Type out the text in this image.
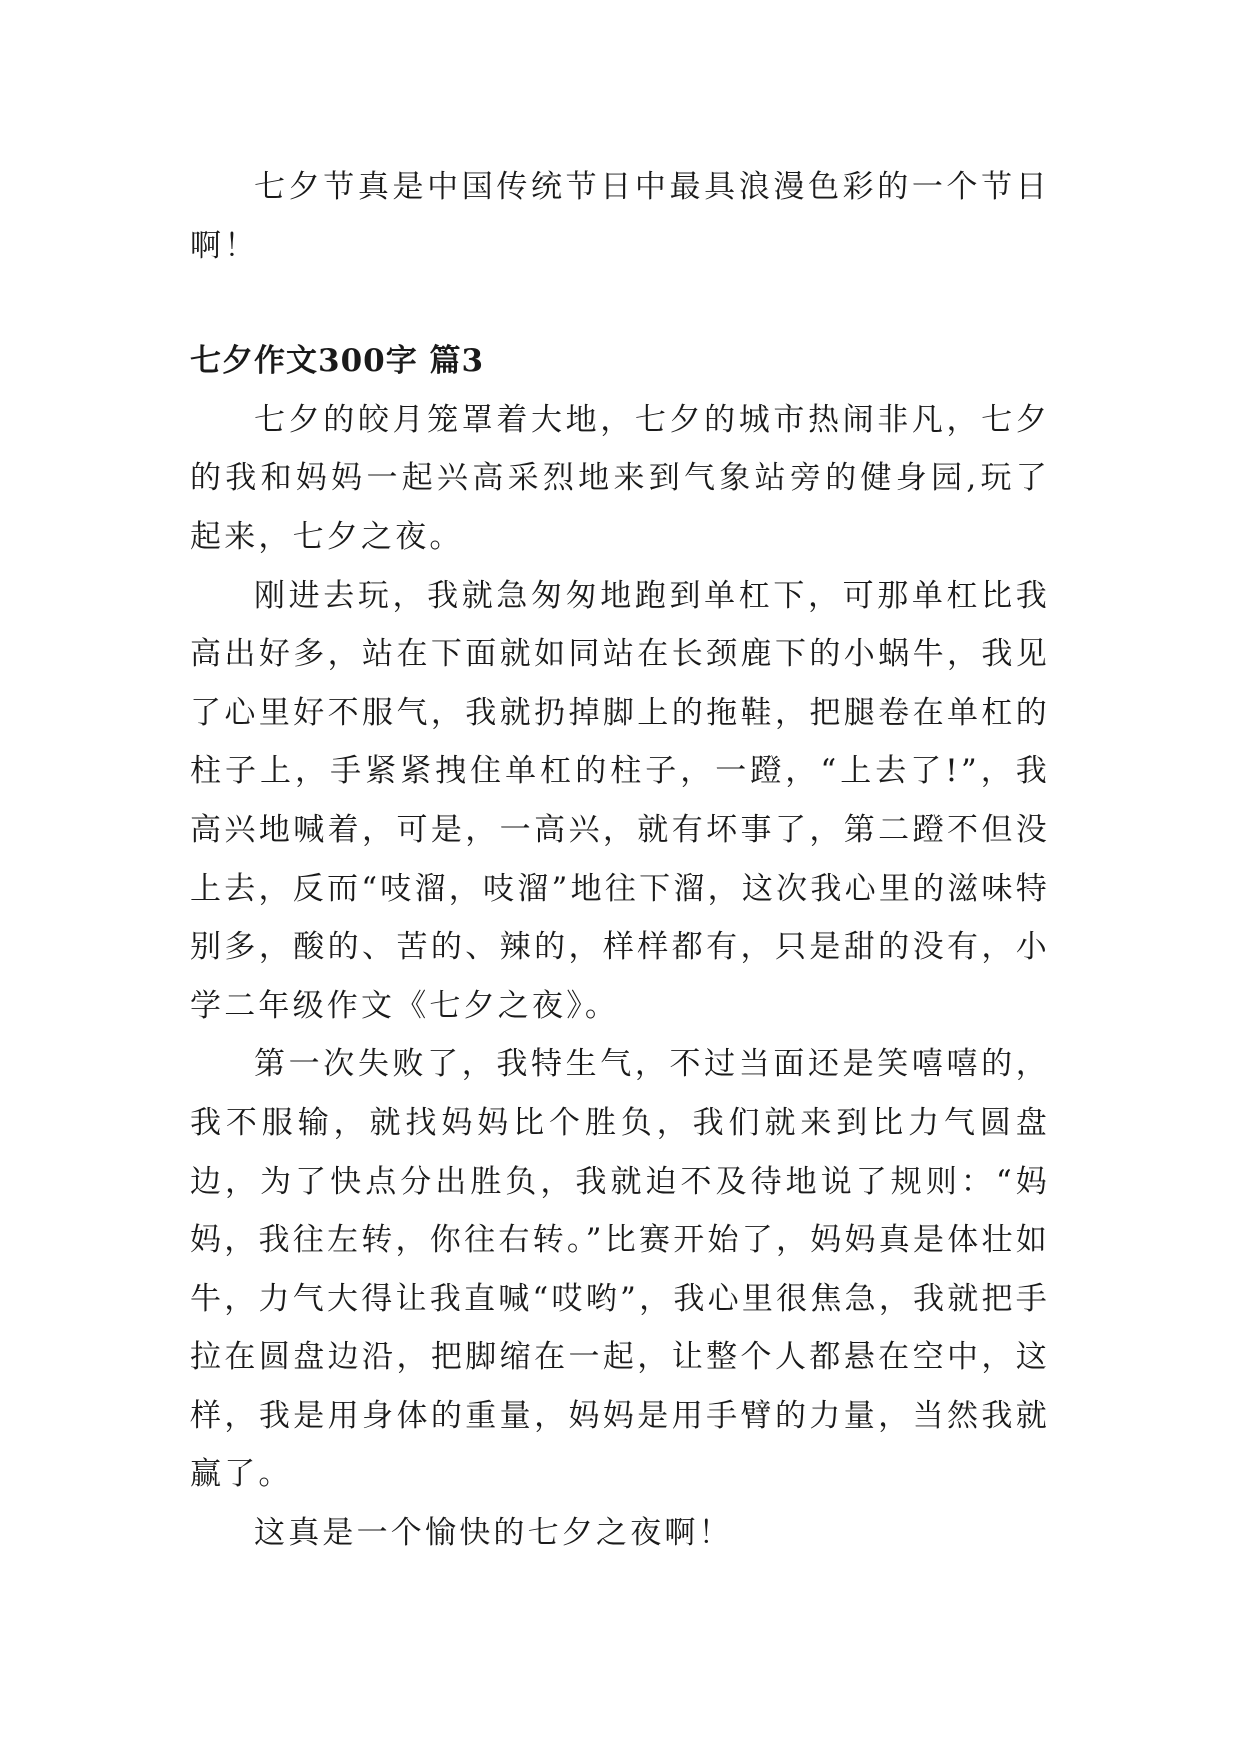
七夕节真是中国传统节日中最具浪漫色彩的一个节日啊！

七夕作文300字 篇3

七夕的皎月笼罩着大地，七夕的城市热闹非凡，七夕的我和妈妈一起兴高采烈地来到气象站旁的健身园,玩了起来，七夕之夜。

刚进去玩，我就急匆匆地跑到单杠下，可那单杠比我高出好多，站在下面就如同站在长颈鹿下的小蜗牛，我见了心里好不服气，我就扔掉脚上的拖鞋，把腿卷在单杠的柱子上，手紧紧拽住单杠的柱子，一蹬，“上去了!”，我高兴地喊着，可是，一高兴，就有坏事了，第二蹬不但没上去，反而“吱溜，吱溜”地往下溜，这次我心里的滋味特别多，酸的、苦的、辣的，样样都有，只是甜的没有，小学二年级作文《七夕之夜》。

第一次失败了，我特生气，不过当面还是笑嘻嘻的，我不服输，就找妈妈比个胜负，我们就来到比力气圆盘边，为了快点分出胜负，我就迫不及待地说了规则：“妈妈，我往左转，你往右转。”比赛开始了，妈妈真是体壮如牛，力气大得让我直喊“哎哟”，我心里很焦急，我就把手拉在圆盘边沿，把脚缩在一起，让整个人都悬在空中，这样，我是用身体的重量，妈妈是用手臂的力量，当然我就赢了。

这真是一个愉快的七夕之夜啊！
